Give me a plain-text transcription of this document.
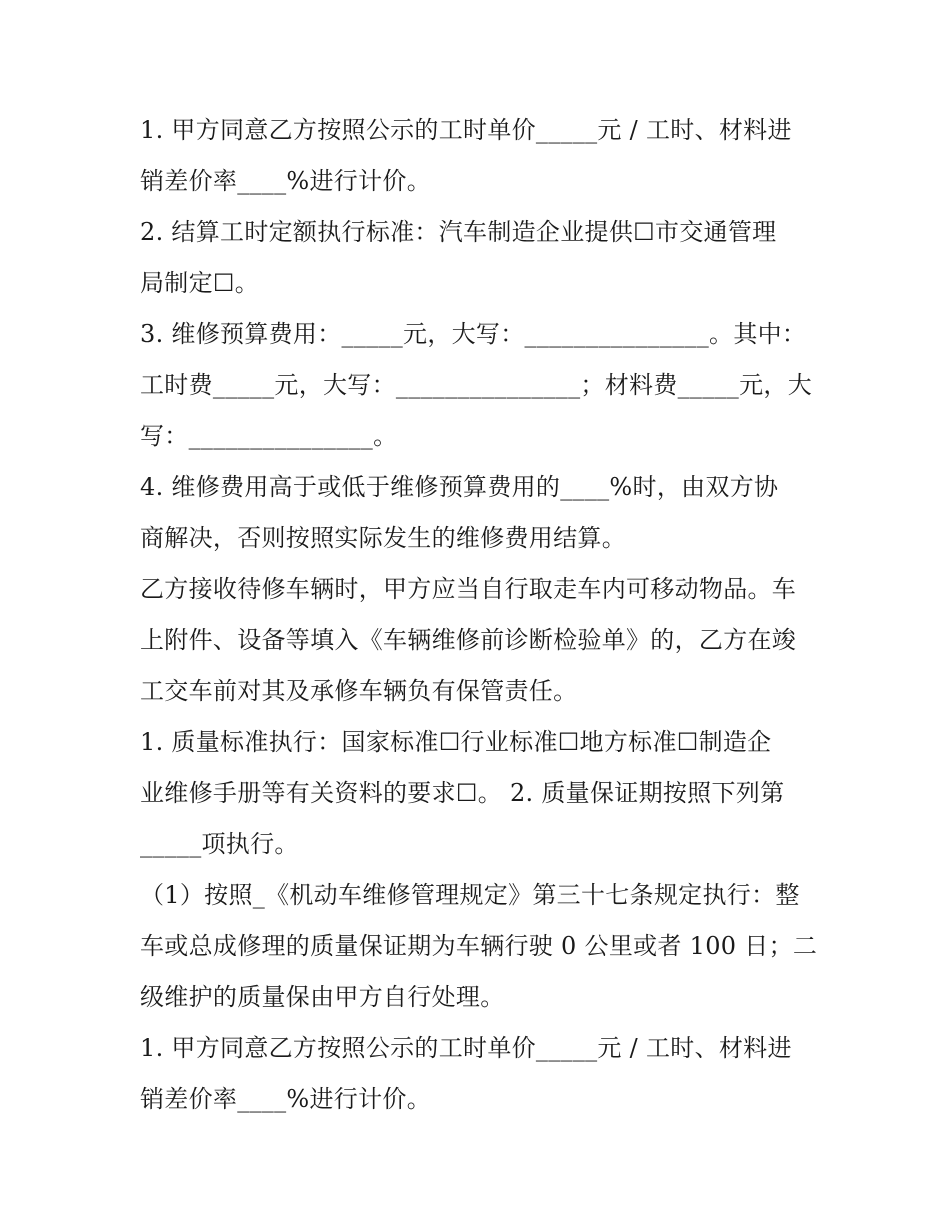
1. 甲方同意乙方按照公示的工时单价_____元 / 工时、材料进
销差价率____%进行计价。
2. 结算工时定额执行标准：汽车制造企业提供☐市交通管理
局制定☐。
3. 维修预算费用：_____元，大写：_______________。其中：
工时费_____元，大写：_______________；材料费_____元，大
写：_______________。
4. 维修费用高于或低于维修预算费用的____%时，由双方协
商解决，否则按照实际发生的维修费用结算。
乙方接收待修车辆时，甲方应当自行取走车内可移动物品。车
上附件、设备等填入《车辆维修前诊断检验单》的，乙方在竣
工交车前对其及承修车辆负有保管责任。
1. 质量标准执行：国家标准☐行业标准☐地方标准☐制造企
业维修手册等有关资料的要求☐。 2. 质量保证期按照下列第
_____项执行。
（1）按照_《机动车维修管理规定》第三十七条规定执行：整
车或总成修理的质量保证期为车辆行驶 0 公里或者 100 日；二
级维护的质量保由甲方自行处理。
1. 甲方同意乙方按照公示的工时单价_____元 / 工时、材料进
销差价率____%进行计价。
